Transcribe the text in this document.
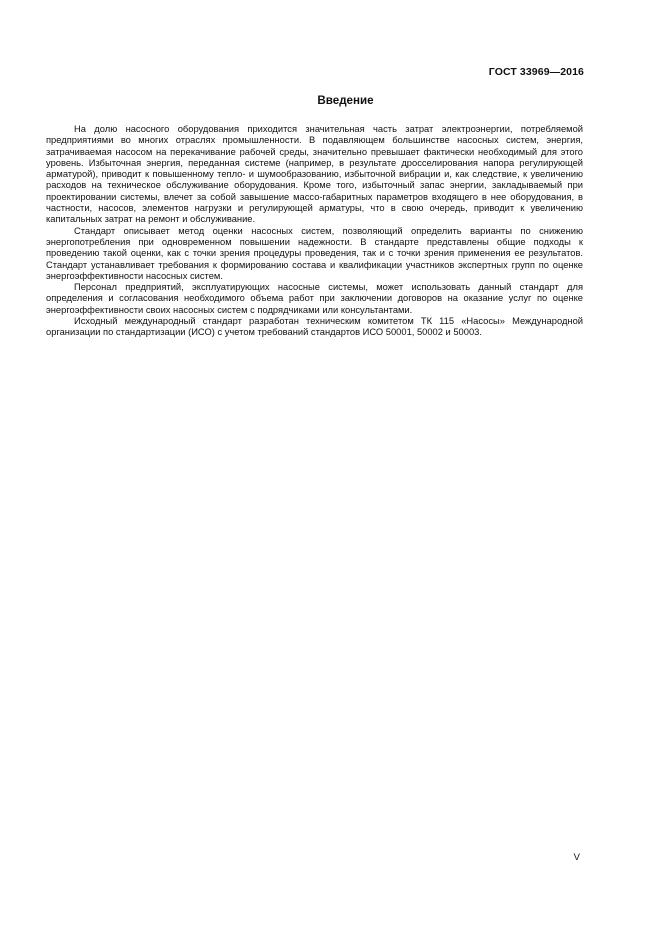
ГОСТ 33969—2016
Введение

На долю насосного оборудования приходится значительная часть затрат электроэнергии, потребляемой предприятиями во многих отраслях промышленности. В подавляющем большинстве насосных систем, энергия, затрачиваемая насосом на перекачивание рабочей среды, значительно превышает фактически необходимый для этого уровень. Избыточная энергия, переданная системе (например, в результате дросселирования напора регулирующей арматурой), приводит к повышенному тепло- и шумообразованию, избыточной вибрации и, как следствие, к увеличению расходов на техническое обслуживание оборудования. Кроме того, избыточный запас энергии, закладываемый при проектировании системы, влечет за собой завышение массо-габаритных параметров входящего в нее оборудования, в частности, насосов, элементов нагрузки и регулирующей арматуры, что в свою очередь, приводит к увеличению капитальных затрат на ремонт и обслуживание.

Стандарт описывает метод оценки насосных систем, позволяющий определить варианты по снижению энергопотребления при одновременном повышении надежности. В стандарте представлены общие подходы к проведению такой оценки, как с точки зрения процедуры проведения, так и с точки зрения применения ее результатов. Стандарт устанавливает требования к формированию состава и квалификации участников экспертных групп по оценке энергоэффективности насосных систем.

Персонал предприятий, эксплуатирующих насосные системы, может использовать данный стандарт для определения и согласования необходимого объема работ при заключении договоров на оказание услуг по оценке энергоэффективности своих насосных систем с подрядчиками или консультантами.

Исходный международный стандарт разработан техническим комитетом ТК 115 «Насосы» Международной организации по стандартизации (ИСО) с учетом требований стандартов ИСО 50001, 50002 и 50003.

V
